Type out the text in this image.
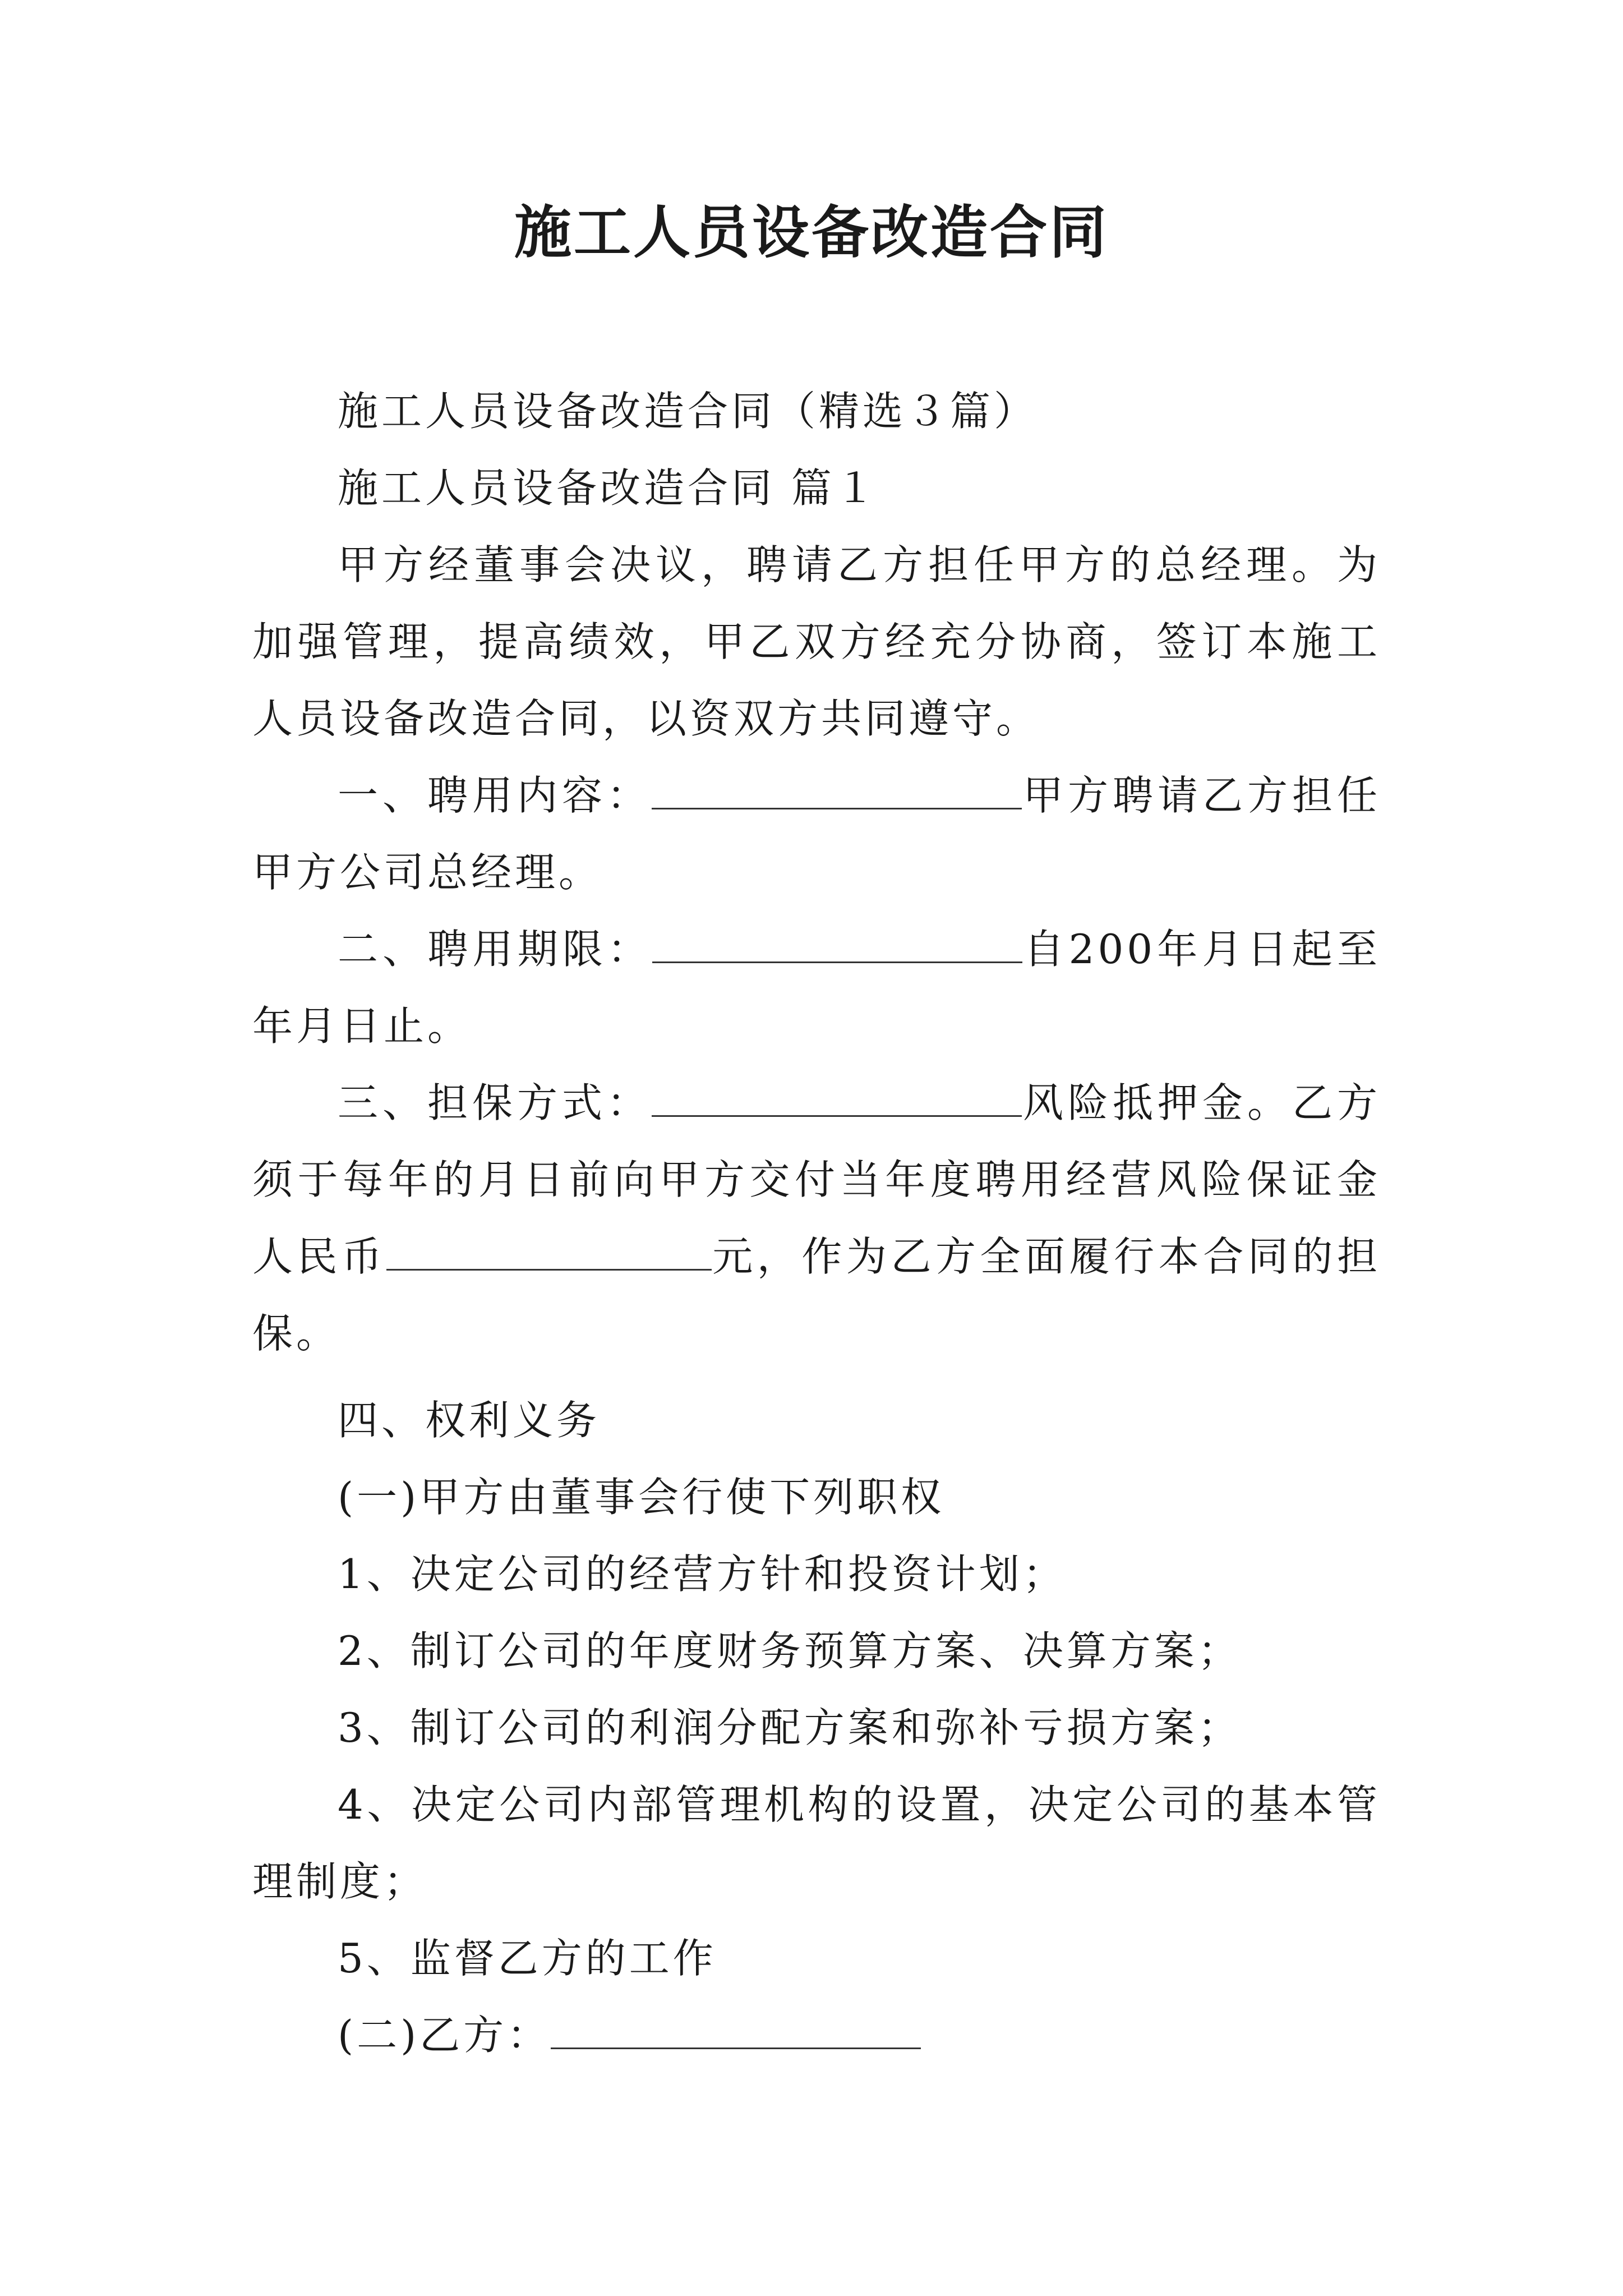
施工人员设备改造合同

施工人员设备改造合同（精选３篇）

施工人员设备改造合同 篇１

甲方经董事会决议，聘请乙方担任甲方的总经理。为加强管理，提高绩效，甲乙双方经充分协商，签订本施工人员设备改造合同，以资双方共同遵守。

一、聘用内容：	甲方聘请乙方担任甲方公司总经理。

二、聘用期限：	自200年月日起至年月日止。

三、担保方式：	风险抵押金。乙方须于每年的月日前向甲方交付当年度聘用经营风险保证金人民币	元，作为乙方全面履行本合同的担保。

四、权利义务

(一)甲方由董事会行使下列职权

1、决定公司的经营方针和投资计划；

2、制订公司的年度财务预算方案、决算方案；

3、制订公司的利润分配方案和弥补亏损方案；

4、决定公司内部管理机构的设置，决定公司的基本管理制度；

5、监督乙方的工作

(二)乙方：
